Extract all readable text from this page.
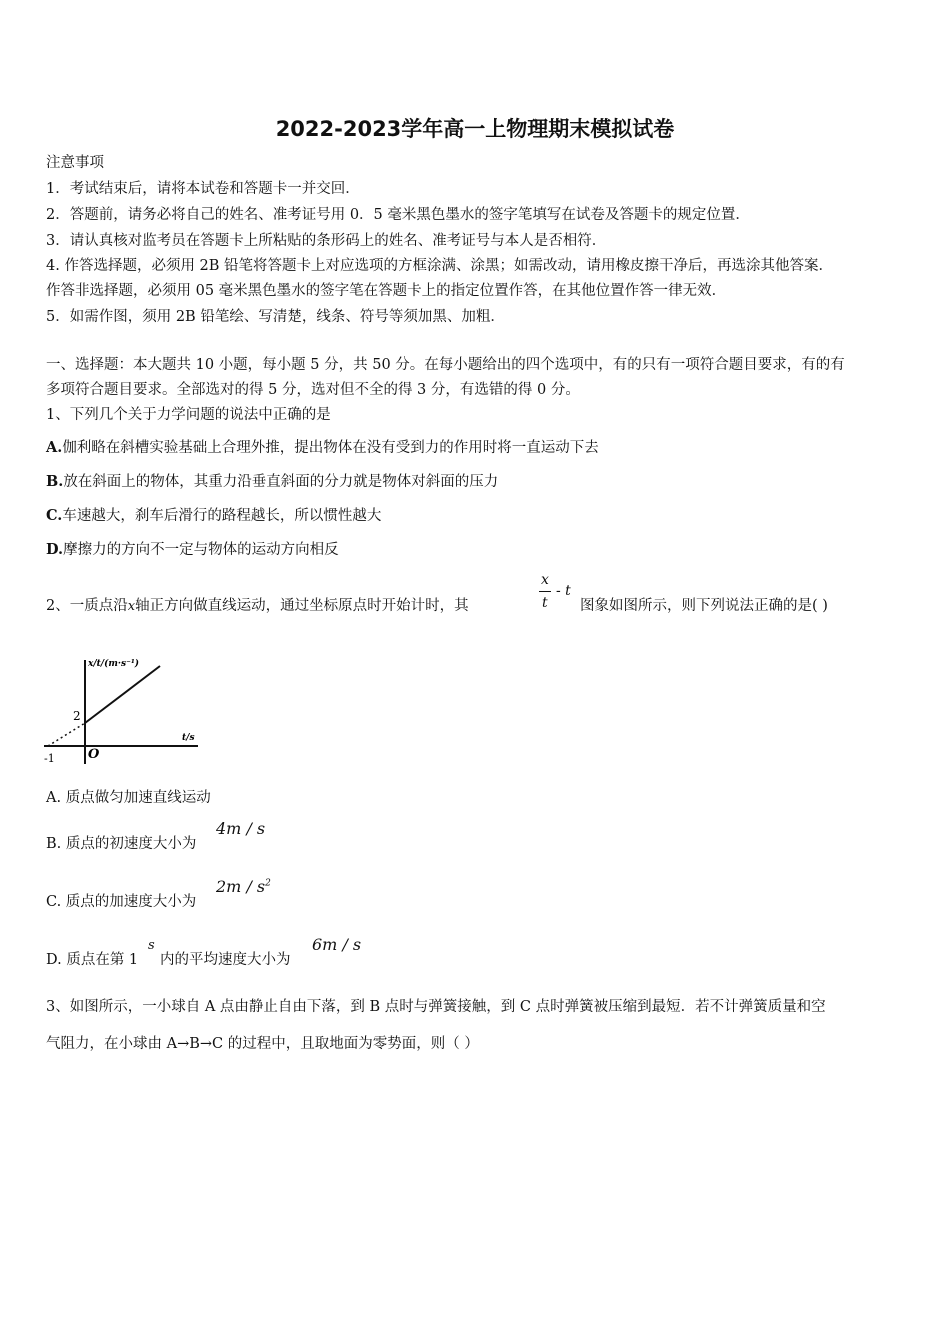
2022-2023学年高一上物理期末模拟试卷
注意事项
1．考试结束后，请将本试卷和答题卡一并交回．
2．答题前，请务必将自己的姓名、准考证号用 0．5 毫米黑色墨水的签字笔填写在试卷及答题卡的规定位置．
3．请认真核对监考员在答题卡上所粘贴的条形码上的姓名、准考证号与本人是否相符．
4. 作答选择题，必须用 2B 铅笔将答题卡上对应选项的方框涂满、涂黑；如需改动，请用橡皮擦干净后，再选涂其他答案．
作答非选择题，必须用 05 毫米黑色墨水的签字笔在答题卡上的指定位置作答，在其他位置作答一律无效．
5．如需作图，须用 2B 铅笔绘、写清楚，线条、符号等须加黑、加粗．
一、选择题：本大题共 10 小题，每小题 5 分，共 50 分。在每小题给出的四个选项中，有的只有一项符合题目要求，有的有
多项符合题目要求。全部选对的得 5 分，选对但不全的得 3 分，有选错的得 0 分。
1、下列几个关于力学问题的说法中正确的是
A.伽利略在斜槽实验基础上合理外推，提出物体在没有受到力的作用时将一直运动下去
B.放在斜面上的物体，其重力沿垂直斜面的分力就是物体对斜面的压力
C.车速越大，刹车后滑行的路程越长，所以惯性越大
D.摩擦力的方向不一定与物体的运动方向相反
2、一质点沿x轴正方向做直线运动，通过坐标原点时开始计时，其
x
t
- t
图象如图所示，则下列说法正确的是( )
x/t/(m·s⁻¹)
t/s
2
-1	O
A. 质点做匀加速直线运动
B. 质点的初速度大小为
4m / s
C. 质点的加速度大小为
$2m / s^2$
D. 质点在第 1
s
内的平均速度大小为
6m / s
3、如图所示，一小球自 A 点由静止自由下落，到 B 点时与弹簧接触，到 C 点时弹簧被压缩到最短．若不计弹簧质量和空
气阻力，在小球由 A→B→C 的过程中，且取地面为零势面，则（ ）
